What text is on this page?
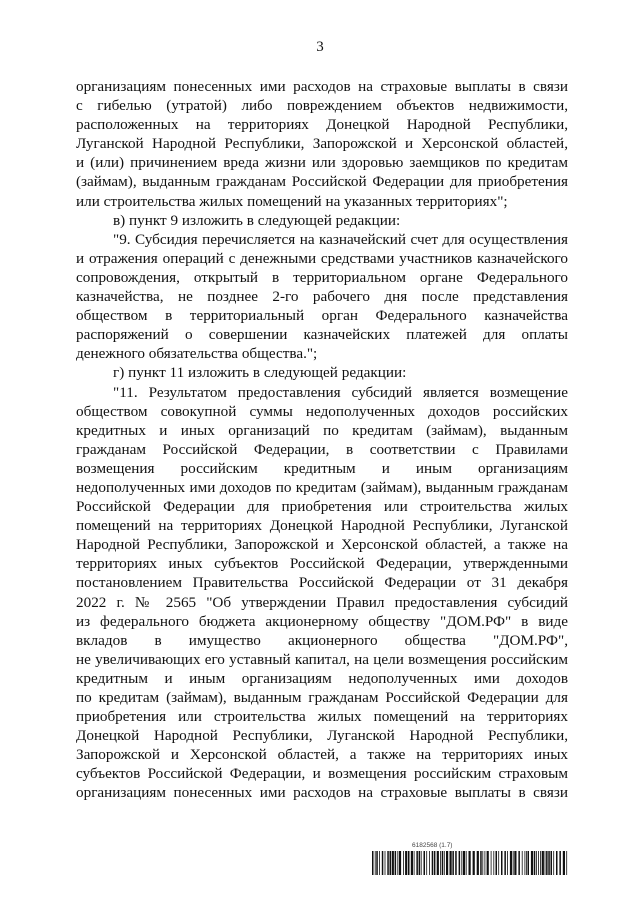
3
организациям понесенных ими расходов на страховые выплаты в связи
с гибелью (утратой) либо повреждением объектов недвижимости,
расположенных на территориях Донецкой Народной Республики,
Луганской Народной Республики, Запорожской и Херсонской областей,
и (или) причинением вреда жизни или здоровью заемщиков по кредитам
(займам), выданным гражданам Российской Федерации для приобретения
или строительства жилых помещений на указанных территориях";
в) пункт 9 изложить в следующей редакции:
"9. Субсидия перечисляется на казначейский счет для осуществления
и отражения операций с денежными средствами участников казначейского
сопровождения, открытый в территориальном органе Федерального
казначейства, не позднее 2-го рабочего дня после представления
обществом в территориальный орган Федерального казначейства
распоряжений о совершении казначейских платежей для оплаты
денежного обязательства общества.";
г) пункт 11 изложить в следующей редакции:
"11. Результатом предоставления субсидий является возмещение
обществом совокупной суммы недополученных доходов российских
кредитных и иных организаций по кредитам (займам), выданным
гражданам Российской Федерации, в соответствии с Правилами
возмещения российским кредитным и иным организациям
недополученных ими доходов по кредитам (займам), выданным гражданам
Российской Федерации для приобретения или строительства жилых
помещений на территориях Донецкой Народной Республики, Луганской
Народной Республики, Запорожской и Херсонской областей, а также на
территориях иных субъектов Российской Федерации, утвержденными
постановлением Правительства Российской Федерации от 31 декабря
2022 г. № 2565 "Об утверждении Правил предоставления субсидий
из федерального бюджета акционерному обществу "ДОМ.РФ" в виде
вкладов в имущество акционерного общества "ДОМ.РФ",
не увеличивающих его уставный капитал, на цели возмещения российским
кредитным и иным организациям недополученных ими доходов
по кредитам (займам), выданным гражданам Российской Федерации для
приобретения или строительства жилых помещений на территориях
Донецкой Народной Республики, Луганской Народной Республики,
Запорожской и Херсонской областей, а также на территориях иных
субъектов Российской Федерации, и возмещения российским страховым
организациям понесенных ими расходов на страховые выплаты в связи
6182568 (1.7)
